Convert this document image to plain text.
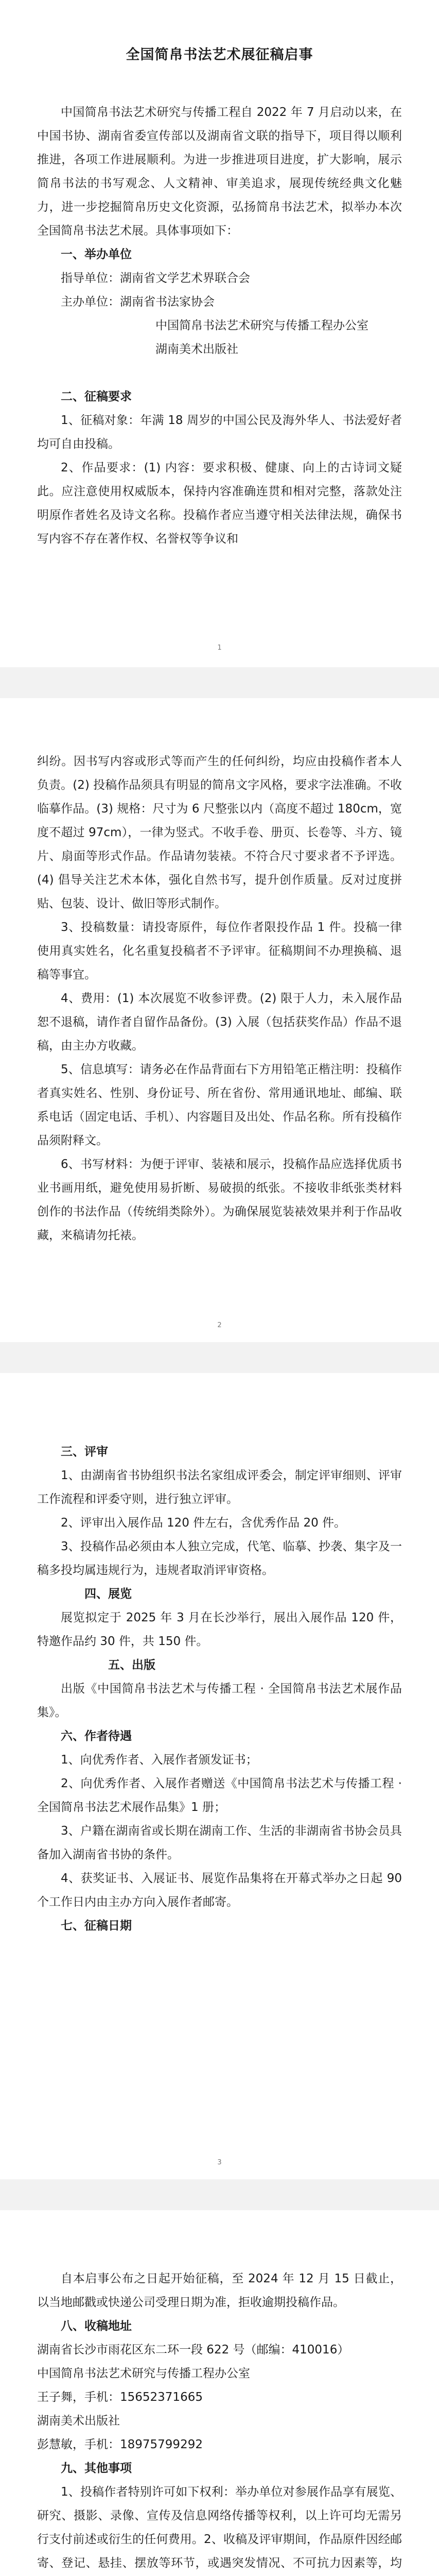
全国简帛书法艺术展征稿启事

中国简帛书法艺术研究与传播工程自 2022 年 7 月启动以来，在中国书协、湖南省委宣传部以及湖南省文联的指导下，项目得以顺利推进，各项工作进展顺利。为进一步推进项目进度，扩大影响，展示简帛书法的书写观念、人文精神、审美追求，展现传统经典文化魅力，进一步挖掘简帛历史文化资源，弘扬简帛书法艺术，拟举办本次全国简帛书法艺术展。具体事项如下：

一、举办单位

指导单位：湖南省文学艺术界联合会

主办单位：湖南省书法家协会

中国简帛书法艺术研究与传播工程办公室

湖南美术出版社

二、征稿要求

1、征稿对象：年满 18 周岁的中国公民及海外华人、书法爱好者均可自由投稿。

2、作品要求：(1) 内容：要求积极、健康、向上的古诗词文疑此。应注意使用权威版本，保持内容准确连贯和相对完整，落款处注明原作者姓名及诗文名称。投稿作者应当遵守相关法律法规，确保书写内容不存在著作权、名誉权等争议和

1

纠纷。因书写内容或形式等而产生的任何纠纷，均应由投稿作者本人负责。(2) 投稿作品须具有明显的简帛文字风格，要求字法准确。不收临摹作品。(3) 规格：尺寸为 6 尺整张以内（高度不超过 180cm，宽度不超过 97cm），一律为竖式。不收手卷、册页、长卷等、斗方、镜片、扇面等形式作品。作品请勿装裱。不符合尺寸要求者不予评选。(4) 倡导关注艺术本体，强化自然书写，提升创作质量。反对过度拼贴、包装、设计、做旧等形式制作。

3、投稿数量：请投寄原件，每位作者限投作品 1 件。投稿一律使用真实姓名，化名重复投稿者不予评审。征稿期间不办理换稿、退稿等事宜。

4、费用：(1) 本次展览不收参评费。(2) 限于人力，未入展作品恕不退稿，请作者自留作品备份。(3) 入展（包括获奖作品）作品不退稿，由主办方收藏。

5、信息填写：请务必在作品背面右下方用铅笔正楷注明：投稿作者真实姓名、性别、身份证号、所在省份、常用通讯地址、邮编、联系电话（固定电话、手机）、内容题目及出处、作品名称。所有投稿作品须附释文。

6、书写材料：为便于评审、装裱和展示，投稿作品应选择优质书业书画用纸，避免使用易折断、易破损的纸张。不接收非纸张类材料创作的书法作品（传统绢类除外）。为确保展览装裱效果并利于作品收藏，来稿请勿托裱。

2

三、评审

1、由湖南省书协组织书法名家组成评委会，制定评审细则、评审工作流程和评委守则，进行独立评审。

2、评审出入展作品 120 件左右，含优秀作品 20 件。

3、投稿作品必须由本人独立完成，代笔、临摹、抄袭、集字及一稿多投均属违规行为，违规者取消评审资格。

四、展览

展览拟定于 2025 年 3 月在长沙举行，展出入展作品 120 件，特邀作品约 30 件，共 150 件。

五、出版

出版《中国简帛书法艺术与传播工程 · 全国简帛书法艺术展作品集》。

六、作者待遇

1、向优秀作者、入展作者颁发证书；

2、向优秀作者、入展作者赠送《中国简帛书法艺术与传播工程 · 全国简帛书法艺术展作品集》1 册；

3、户籍在湖南省或长期在湖南工作、生活的非湖南省书协会员具备加入湖南省书协的条件。

4、获奖证书、入展证书、展览作品集将在开幕式举办之日起 90 个工作日内由主办方向入展作者邮寄。

七、征稿日期

3

自本启事公布之日起开始征稿，至 2024 年 12 月 15 日截止，以当地邮戳或快递公司受理日期为准，拒收逾期投稿作品。

八、收稿地址

湖南省长沙市雨花区东二环一段 622 号（邮编：410016）

中国简帛书法艺术研究与传播工程办公室

王子舞，手机：15652371665

湖南美术出版社

彭慧敏，手机：18975799292

九、其他事项

1、投稿作者特别许可如下权利：举办单位对参展作品享有展览、研究、摄影、录像、宣传及信息网络传播等权利，以上许可均无需另行支付前述或衍生的任何费用。2、收稿及评审期间，作品原件因经邮寄、登记、悬挂、摆放等环节，或遇突发情况、不可抗力因素等，均
